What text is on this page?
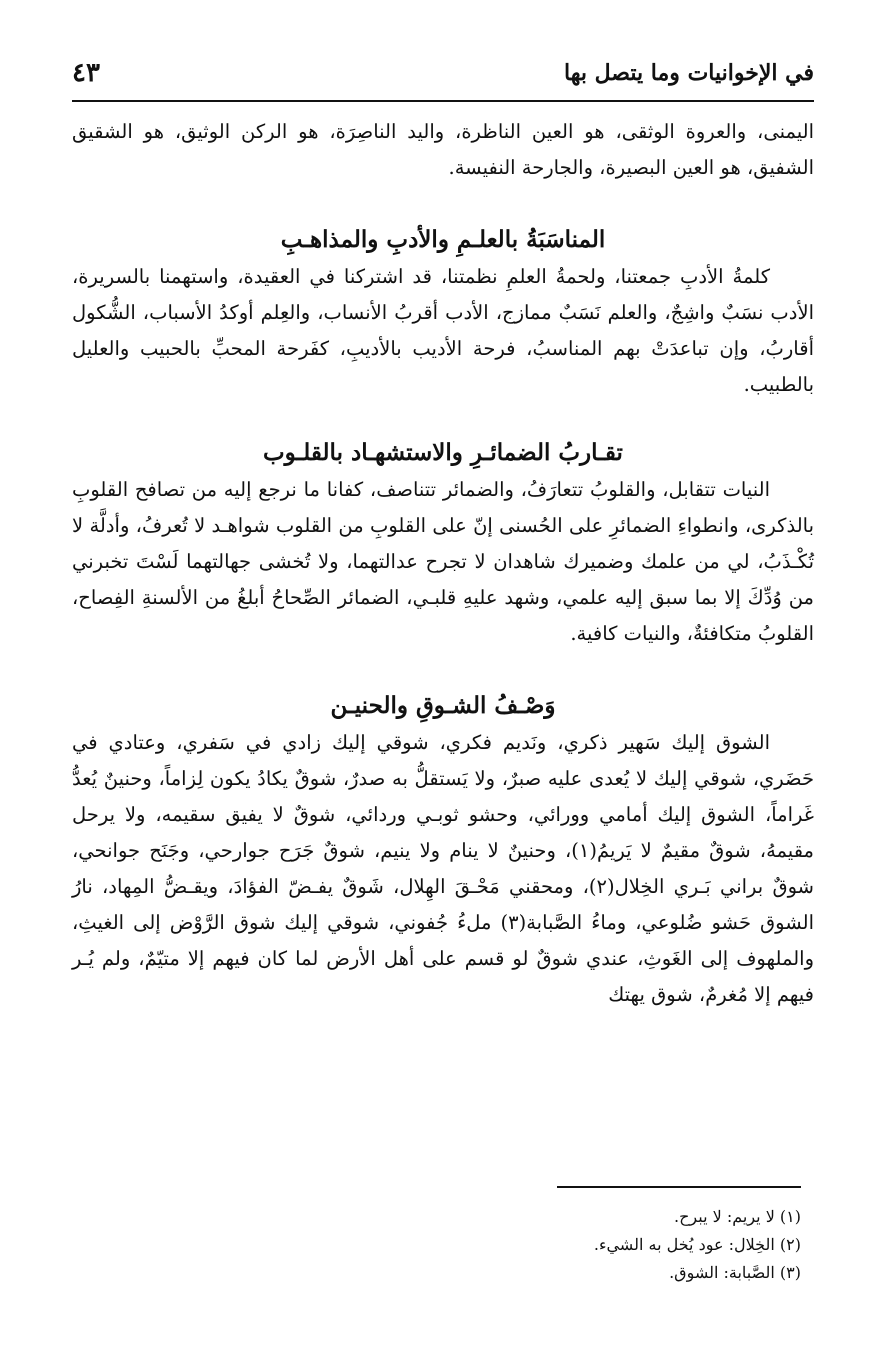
في الإخوانيات وما يتصل بها
٤٣

اليمنى، والعروة الوثقى، هو العين الناظرة، واليد الناصِرَة، هو الركن الوثيق، هو الشقيق الشفيق، هو العين البصيرة، والجارحة النفيسة.

المناسَبَةُ بالعلـمِ والأدبِ والمذاهـبِ

كلمةُ الأدبِ جمعتنا، ولحمةُ العلمِ نظمتنا، قد اشتركنا في العقيدة، واستهمنا بالسريرة، الأدب نسَبٌ واشِجٌ، والعلم نَسَبٌ ممازج، الأدب أقربُ الأنساب، والعِلم أوكدُ الأسباب، الشُّكول أقاربُ، وإن تباعدَتْ بهم المناسبُ، فرحة الأديب بالأديبِ، كفَرحة المحبِّ بالحبيب والعليل بالطبيب.

تقـاربُ الضمائـرِ والاستشهـاد بالقلـوب

النيات تتقابل، والقلوبُ تتعارَفُ، والضمائر تتناصف، كفانا ما نرجع إليه من تصافح القلوبِ بالذكرى، وانطواءِ الضمائرِ على الحُسنى إنّ على القلوبِ من القلوب شواهـد لا تُعرفُ، وأدلَّة لا تُكْـذَبُ، لي من علمك وضميرك شاهدان لا تجرح عدالتهما، ولا تُخشى جهالتهما لَسْتَ تخبرني من وُدِّكَ إلا بما سبق إليه علمي، وشهد عليهِ قلبـي، الضمائر الصِّحاحُ أبلغُ من الألسنةِ الفِصاح، القلوبُ متكافئةٌ، والنيات كافية.

وَصْـفُ الشـوقِ والحنيـن

الشوق إليك سَهير ذكري، ونَديم فكري، شوقي إليك زادي في سَفري، وعتادي في حَضَري، شوقي إليك لا يُعدى عليه صبرٌ، ولا يَستقلُّ به صدرٌ، شوقٌ يكادُ يكون لِزاماً، وحنينٌ يُعدُّ غَراماً، الشوق إليك أمامي وورائي، وحشو ثوبـي وردائي، شوقٌ لا يفيق سقيمه، ولا يرحل مقيمهُ، شوقٌ مقيمٌ لا يَريمُ(١)، وحنينٌ لا ينام ولا ينيم، شوقٌ جَرَح جوارحي، وجَنَح جوانحي، شوقٌ براني بَـري الخِلال(٢)، ومحقني مَحْـقَ الهِلال، شَوقٌ يفـضّ الفؤادَ، ويقـضُّ المِهاد، نارُ الشوق حَشو ضُلوعي، وماءُ الصَّبابة(٣) ملءُ جُفوني، شوقي إليك شوق الرَّوْض إلى الغيثِ، والملهوف إلى الغَوثِ، عندي شوقٌ لو قسم على أهل الأرض لما كان فيهم إلا متيّمٌ، ولم يُـر فيهم إلا مُغرمٌ، شوق يهتك

(١) لا يريم: لا يبرح.

(٢) الخِلال: عود يُخل به الشيء.

(٣) الصَّبابة: الشوق.
